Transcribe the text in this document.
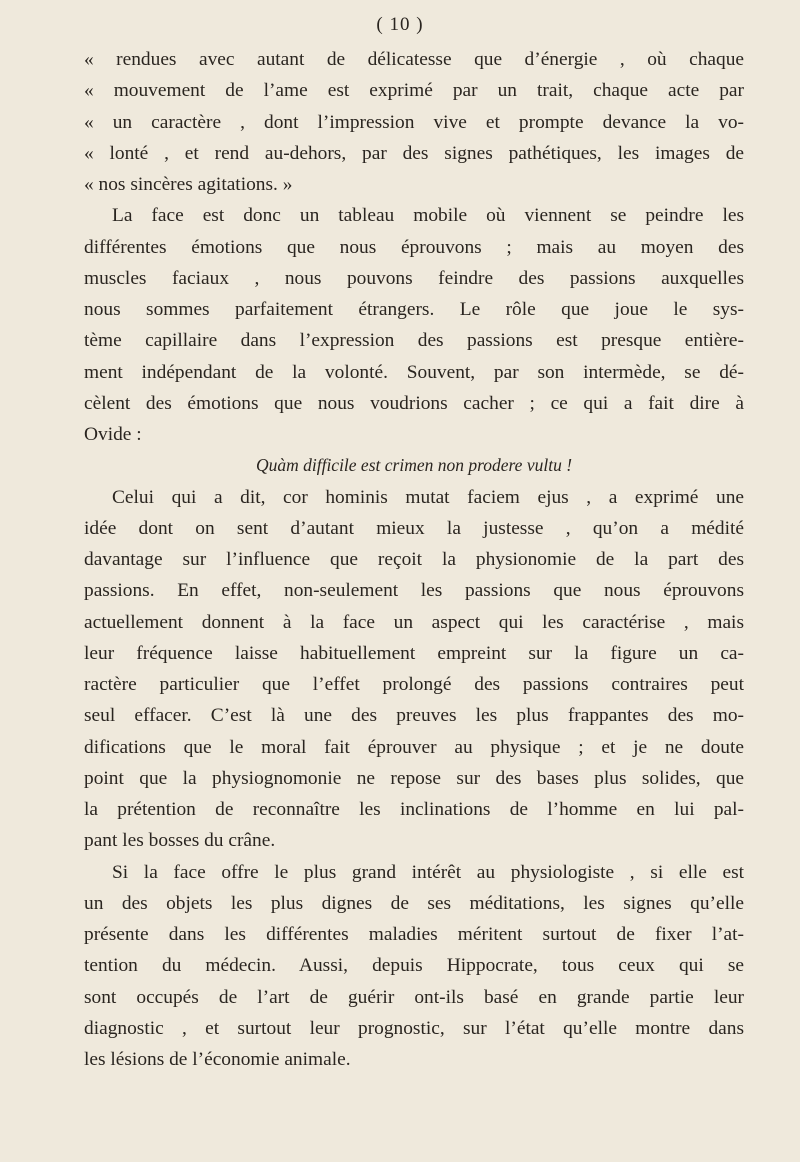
( 10 )
« rendues avec autant de délicatesse que d’énergie , où chaque
« mouvement de l’ame est exprimé par un trait, chaque acte par
« un caractère , dont l’impression vive et prompte devance la vo-
« lonté , et rend au-dehors, par des signes pathétiques, les images de
« nos sincères agitations. »
La face est donc un tableau mobile où viennent se peindre les
différentes émotions que nous éprouvons ; mais au moyen des
muscles faciaux , nous pouvons feindre des passions auxquelles
nous sommes parfaitement étrangers. Le rôle que joue le sys-
tème capillaire dans l’expression des passions est presque entière-
ment indépendant de la volonté. Souvent, par son intermède, se dé-
cèlent des émotions que nous voudrions cacher ; ce qui a fait dire à
Ovide :
Quàm difficile est crimen non prodere vultu !
Celui qui a dit, cor hominis mutat faciem ejus , a exprimé une
idée dont on sent d’autant mieux la justesse , qu’on a médité
davantage sur l’influence que reçoit la physionomie de la part des
passions. En effet, non-seulement les passions que nous éprouvons
actuellement donnent à la face un aspect qui les caractérise , mais
leur fréquence laisse habituellement empreint sur la figure un ca-
ractère particulier que l’effet prolongé des passions contraires peut
seul effacer. C’est là une des preuves les plus frappantes des mo-
difications que le moral fait éprouver au physique ; et je ne doute
point que la physiognomonie ne repose sur des bases plus solides, que
la prétention de reconnaître les inclinations de l’homme en lui pal-
pant les bosses du crâne.
Si la face offre le plus grand intérêt au physiologiste , si elle est
un des objets les plus dignes de ses méditations, les signes qu’elle
présente dans les différentes maladies méritent surtout de fixer l’at-
tention du médecin. Aussi, depuis Hippocrate, tous ceux qui se
sont occupés de l’art de guérir ont-ils basé en grande partie leur
diagnostic , et surtout leur prognostic, sur l’état qu’elle montre dans
les lésions de l’économie animale.
